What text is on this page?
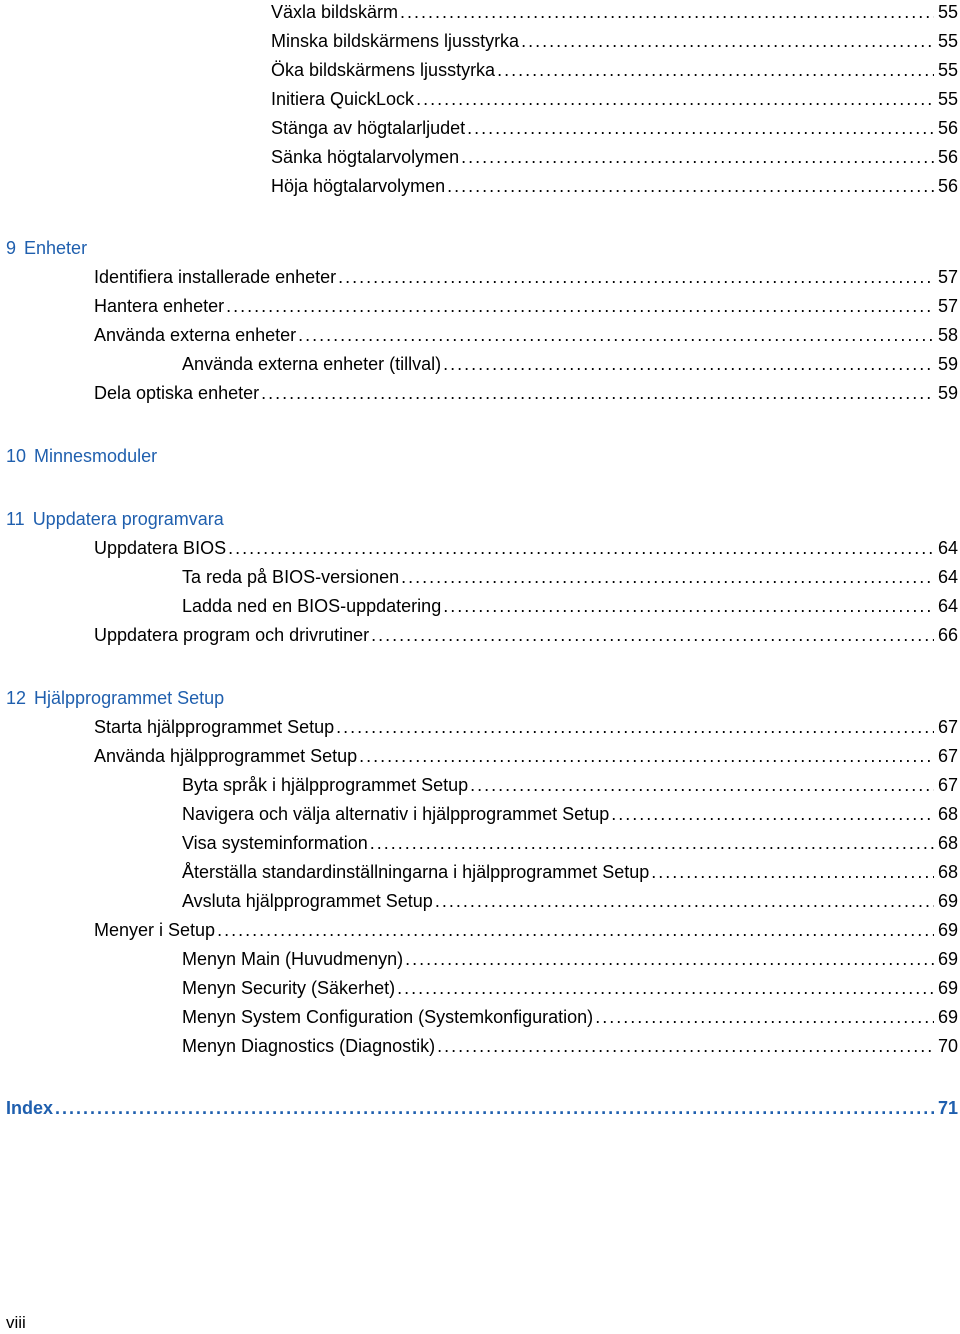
Växla bildskärm . . .	55
Minska bildskärmens ljusstyrka . . .	55
Öka bildskärmens ljusstyrka . . .	55
Initiera QuickLock . . .	55
Stänga av högtalarljudet . . .	56
Sänka högtalarvolymen . . .	56
Höja högtalarvolymen . . .	56
9 Enheter
Identifiera installerade enheter . . .	57
Hantera enheter . . .	57
Använda externa enheter . . .	58
Använda externa enheter (tillval) . . .	59
Dela optiska enheter . . .	59
10 Minnesmoduler
11 Uppdatera programvara
Uppdatera BIOS . . .	64
Ta reda på BIOS-versionen . . .	64
Ladda ned en BIOS-uppdatering . . .	64
Uppdatera program och drivrutiner . . .	66
12 Hjälpprogrammet Setup
Starta hjälpprogrammet Setup . . .	67
Använda hjälpprogrammet Setup . . .	67
Byta språk i hjälpprogrammet Setup . . .	67
Navigera och välja alternativ i hjälpprogrammet Setup . . .	68
Visa systeminformation . . .	68
Återställa standardinställningarna i hjälpprogrammet Setup . . .	68
Avsluta hjälpprogrammet Setup . . .	69
Menyer i Setup . . .	69
Menyn Main (Huvudmenyn) . . .	69
Menyn Security (Säkerhet) . . .	69
Menyn System Configuration (Systemkonfiguration) . . .	69
Menyn Diagnostics (Diagnostik) . . .	70
Index . . .	71
viii
